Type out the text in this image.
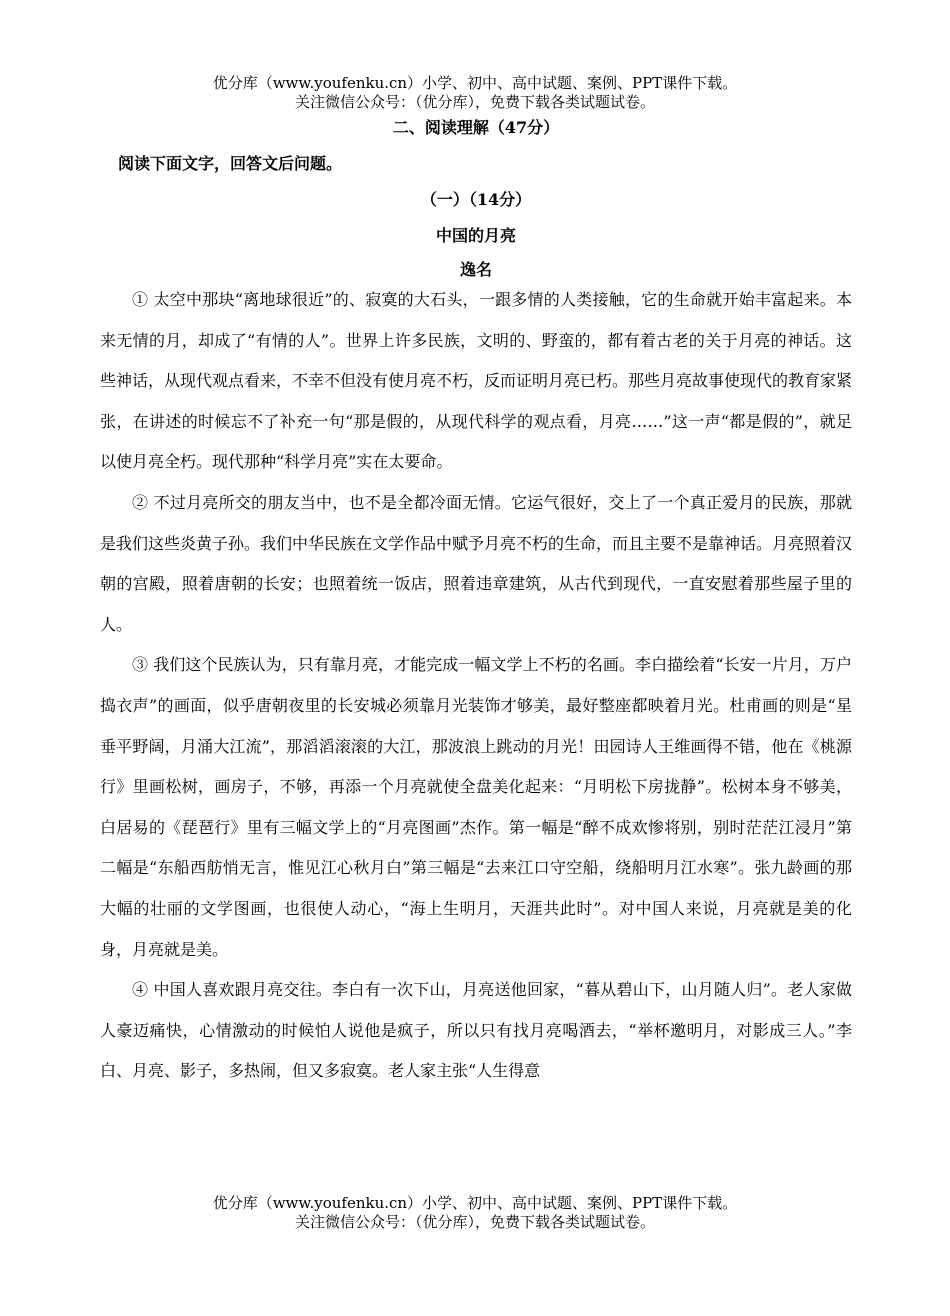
优分库（www.youfenku.cn）小学、初中、高中试题、案例、PPT课件下载。
关注微信公众号：（优分库），免费下载各类试题试卷。
二、阅读理解（47分）
阅读下面文字，回答文后问题。
（一）（14分）
中国的月亮
逸名

① 太空中那块“离地球很近”的、寂寞的大石头，一跟多情的人类接触，它的生命就开始丰富起来。本来无情的月，却成了“有情的人”。世界上许多民族，文明的、野蛮的，都有着古老的关于月亮的神话。这些神话，从现代观点看来，不幸不但没有使月亮不朽，反而证明月亮已朽。那些月亮故事使现代的教育家紧张，在讲述的时候忘不了补充一句“那是假的，从现代科学的观点看，月亮……”这一声“都是假的”，就足以使月亮全朽。现代那种“科学月亮”实在太要命。

② 不过月亮所交的朋友当中，也不是全都冷面无情。它运气很好，交上了一个真正爱月的民族，那就是我们这些炎黄子孙。我们中华民族在文学作品中赋予月亮不朽的生命，而且主要不是靠神话。月亮照着汉朝的宫殿，照着唐朝的长安；也照着统一饭店，照着违章建筑，从古代到现代，一直安慰着那些屋子里的人。

③ 我们这个民族认为，只有靠月亮，才能完成一幅文学上不朽的名画。李白描绘着“长安一片月，万户捣衣声”的画面，似乎唐朝夜里的长安城必须靠月光装饰才够美，最好整座都映着月光。杜甫画的则是“星垂平野阔，月涌大江流”，那滔滔滚滚的大江，那波浪上跳动的月光！田园诗人王维画得不错，他在《桃源行》里画松树，画房子，不够，再添一个月亮就使全盘美化起来：“月明松下房拢静”。松树本身不够美，白居易的《琵琶行》里有三幅文学上的“月亮图画”杰作。第一幅是“醉不成欢惨将别，别时茫茫江浸月”第二幅是“东船西舫悄无言，惟见江心秋月白”第三幅是“去来江口守空船，绕船明月江水寒”。张九龄画的那大幅的壮丽的文学图画，也很使人动心，“海上生明月，天涯共此时”。对中国人来说，月亮就是美的化身，月亮就是美。

④ 中国人喜欢跟月亮交往。李白有一次下山，月亮送他回家，“暮从碧山下，山月随人归”。老人家做人豪迈痛快，心情激动的时候怕人说他是疯子，所以只有找月亮喝酒去，“举杯邀明月，对影成三人。”李白、月亮、影子，多热闹，但又多寂寞。老人家主张“人生得意

优分库（www.youfenku.cn）小学、初中、高中试题、案例、PPT课件下载。
关注微信公众号：（优分库），免费下载各类试题试卷。
